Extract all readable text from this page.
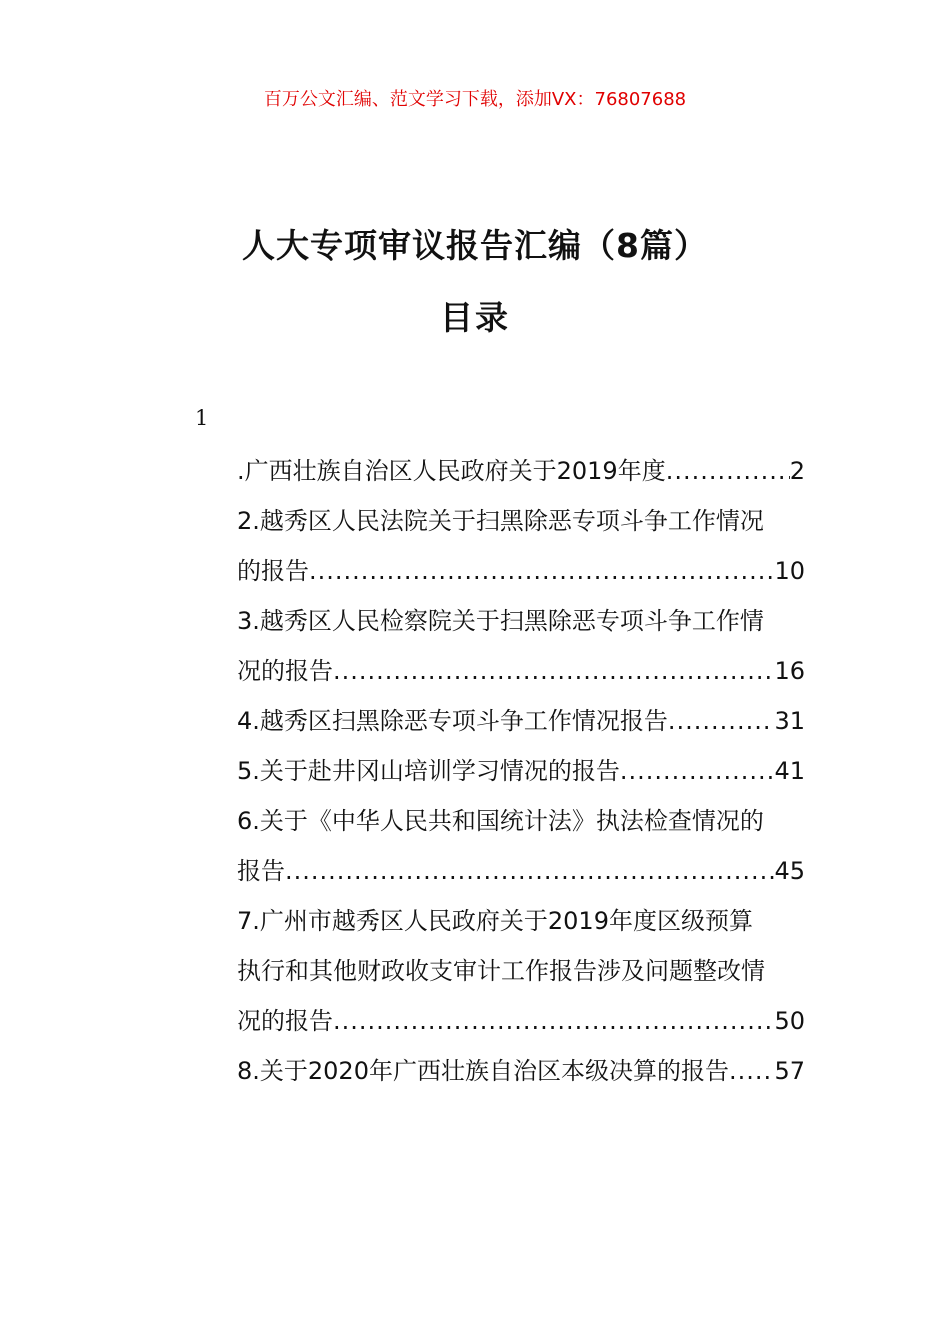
百万公文汇编、范文学习下载，添加VX：76807688
人大专项审议报告汇编（8篇）
目录
1
.广西壮族自治区人民政府关于2019年度 .....	2
2.越秀区人民法院关于扫黑除恶专项斗争工作情况
的报告 .....	10
3.越秀区人民检察院关于扫黑除恶专项斗争工作情
况的报告 .....	16
4.越秀区扫黑除恶专项斗争工作情况报告 .....	31
5.关于赴井冈山培训学习情况的报告 .....	41
6.关于《中华人民共和国统计法》执法检查情况的
报告 .....	45
7.广州市越秀区人民政府关于2019年度区级预算
执行和其他财政收支审计工作报告涉及问题整改情
况的报告 .....	50
8.关于2020年广西壮族自治区本级决算的报告 ..... 57
